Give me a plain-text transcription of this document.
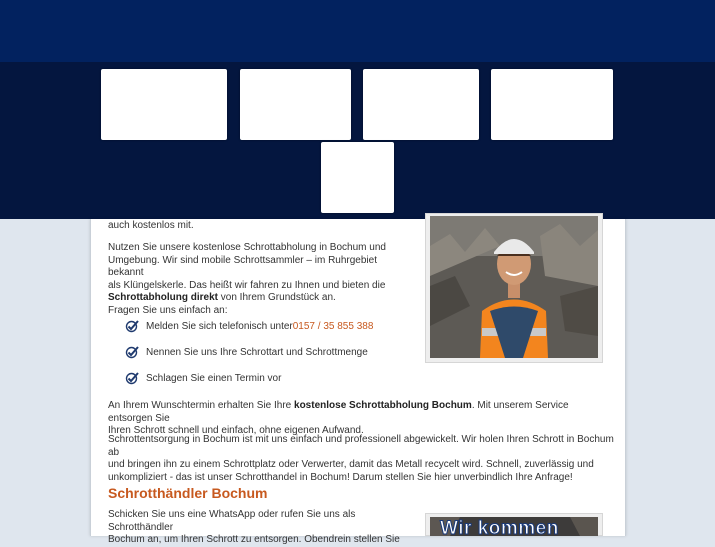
Schrottabholung	Schrotthändler	Schrottankauf	Schrottentsorgung
Kontakt
auch kostenlos mit.
Nutzen Sie unsere kostenlose Schrottabholung in Bochum und
Umgebung. Wir sind mobile Schrottsammler – im Ruhrgebiet bekannt
als Klüngelskerle. Das heißt wir fahren zu Ihnen und bieten die
Schrottabholung direkt von Ihrem Grundstück an.
Fragen Sie uns einfach an:
Melden Sie sich telefonisch unter 0157 / 35 855 388
Nennen Sie uns Ihre Schrottart und Schrottmenge
Schlagen Sie einen Termin vor
An Ihrem Wunschtermin erhalten Sie Ihre kostenlose Schrottabholung Bochum. Mit unserem Service entsorgen Sie
Ihren Schrott schnell und einfach, ohne eigenen Aufwand.
Schrottentsorgung in Bochum ist mit uns einfach und professionell abgewickelt. Wir holen Ihren Schrott in Bochum ab
und bringen ihn zu einem Schrottplatz oder Verwerter, damit das Metall recycelt wird. Schnell, zuverlässig und
unkompliziert - das ist unser Schrotthandel in Bochum! Darum stellen Sie hier unverbindlich Ihre Anfrage!
Schrotthändler Bochum
Schicken Sie uns eine WhatsApp oder rufen Sie uns als Schrotthändler
Bochum an, um Ihren Schrott zu entsorgen. Obendrein stellen Sie
Wir kommen
